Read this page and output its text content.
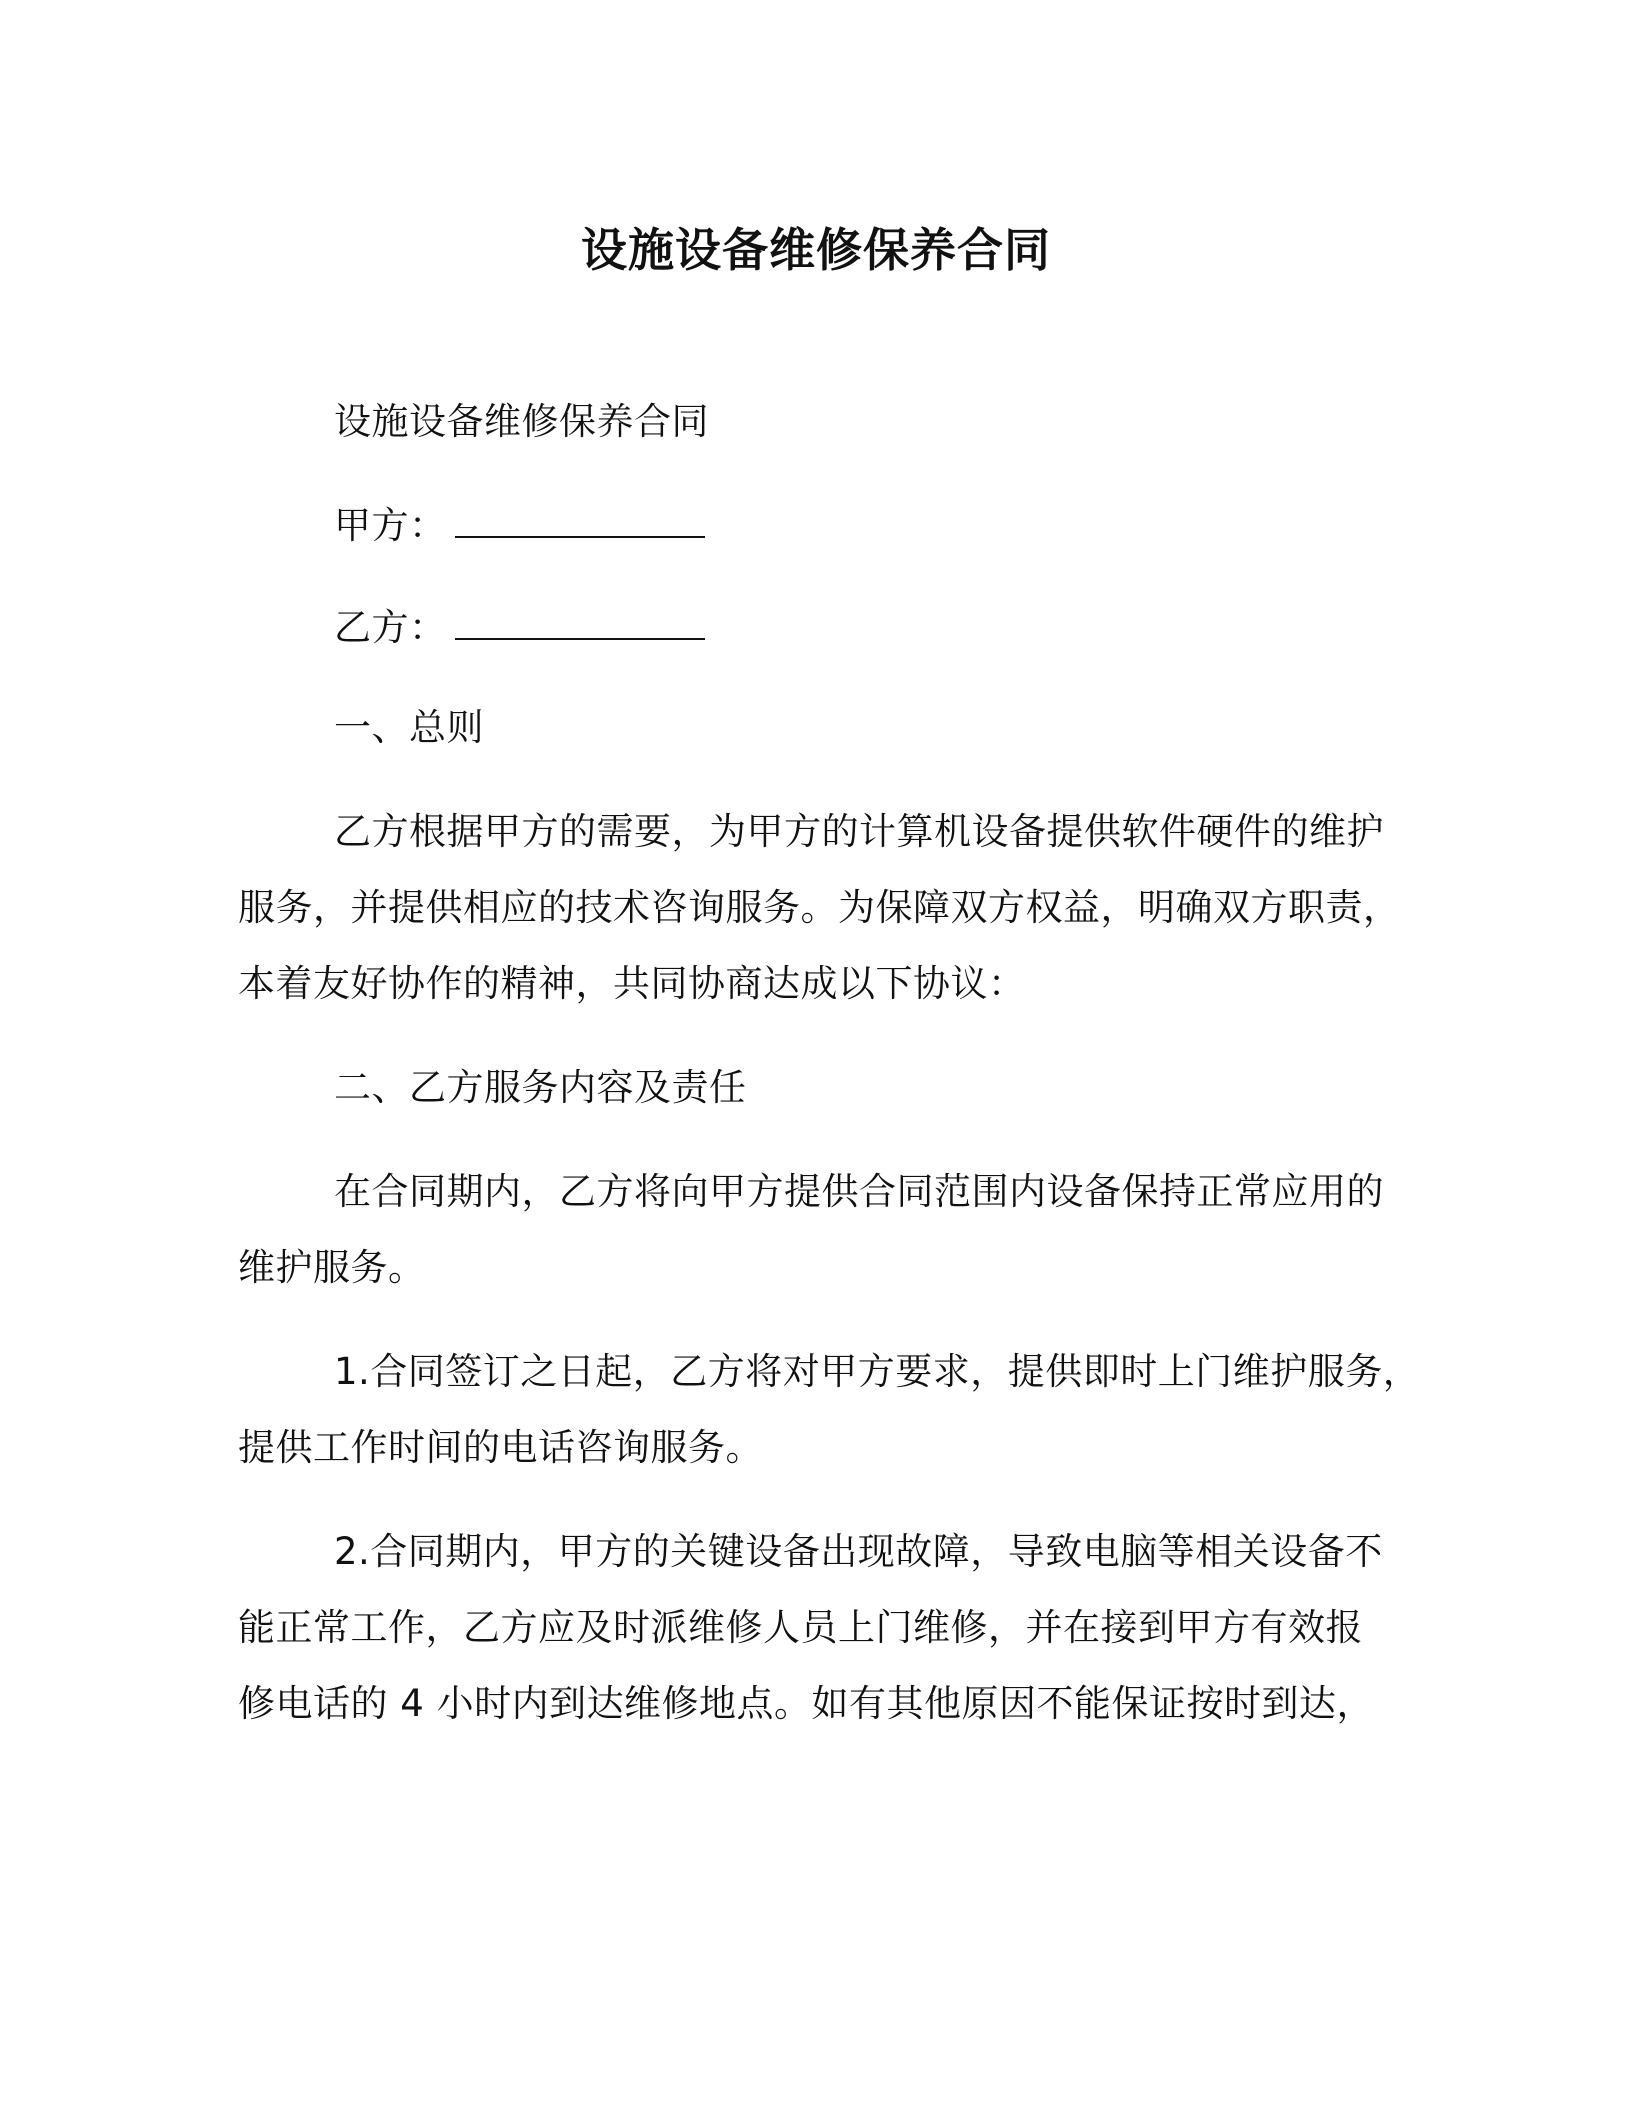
设施设备维修保养合同
设施设备维修保养合同
甲方：
乙方：
一、总则
乙方根据甲方的需要，为甲方的计算机设备提供软件硬件的维护
服务，并提供相应的技术咨询服务。为保障双方权益，明确双方职责，
本着友好协作的精神，共同协商达成以下协议：
二、乙方服务内容及责任
在合同期内，乙方将向甲方提供合同范围内设备保持正常应用的
维护服务。
1.合同签订之日起，乙方将对甲方要求，提供即时上门维护服务，
提供工作时间的电话咨询服务。
2.合同期内，甲方的关键设备出现故障，导致电脑等相关设备不
能正常工作，乙方应及时派维修人员上门维修，并在接到甲方有效报
修电话的 4 小时内到达维修地点。如有其他原因不能保证按时到达，
